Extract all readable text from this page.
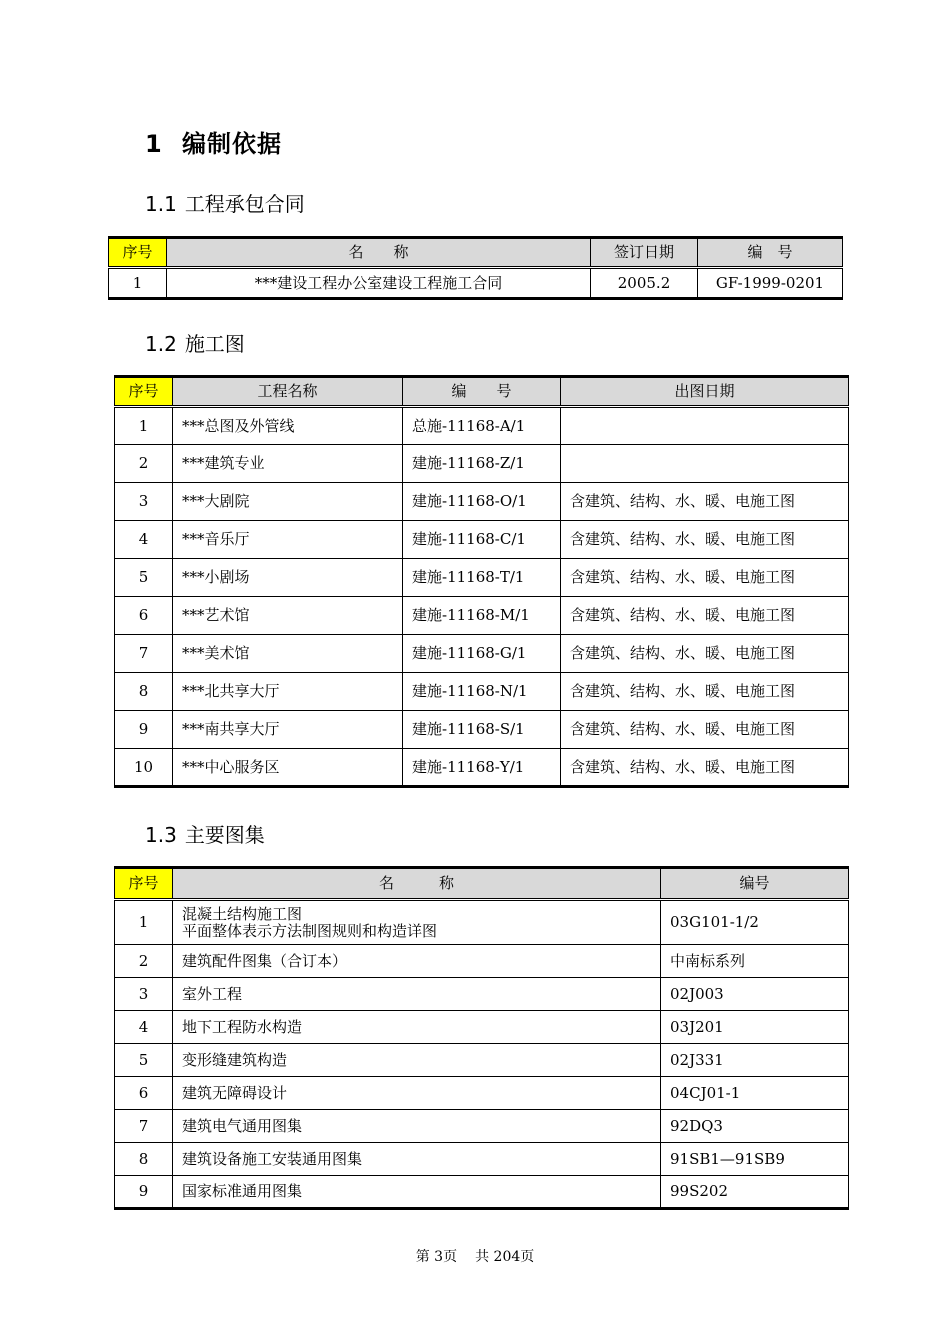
1 编制依据
1.1 工程承包合同
序号	名　　称	签订日期	编　号
1	***建设工程办公室建设工程施工合同	2005.2	GF-1999-0201
1.2 施工图
序号	工程名称	编　　号	出图日期
1	***总图及外管线	总施-11168-A/1	
2	***建筑专业	建施-11168-Z/1	
3	***大剧院	建施-11168-O/1	含建筑、结构、水、暖、电施工图
4	***音乐厅	建施-11168-C/1	含建筑、结构、水、暖、电施工图
5	***小剧场	建施-11168-T/1	含建筑、结构、水、暖、电施工图
6	***艺术馆	建施-11168-M/1	含建筑、结构、水、暖、电施工图
7	***美术馆	建施-11168-G/1	含建筑、结构、水、暖、电施工图
8	***北共享大厅	建施-11168-N/1	含建筑、结构、水、暖、电施工图
9	***南共享大厅	建施-11168-S/1	含建筑、结构、水、暖、电施工图
10	***中心服务区	建施-11168-Y/1	含建筑、结构、水、暖、电施工图
1.3 主要图集
序号	名　　　称	编号
1	混凝土结构施工图
平面整体表示方法制图规则和构造详图	03G101-1/2
2	建筑配件图集（合订本）	中南标系列
3	室外工程	02J003
4	地下工程防水构造	03J201
5	变形缝建筑构造	02J331
6	建筑无障碍设计	04CJ01-1
7	建筑电气通用图集	92DQ3
8	建筑设备施工安装通用图集	91SB1—91SB9
9	国家标准通用图集	99S202
第 3页 共 204页
